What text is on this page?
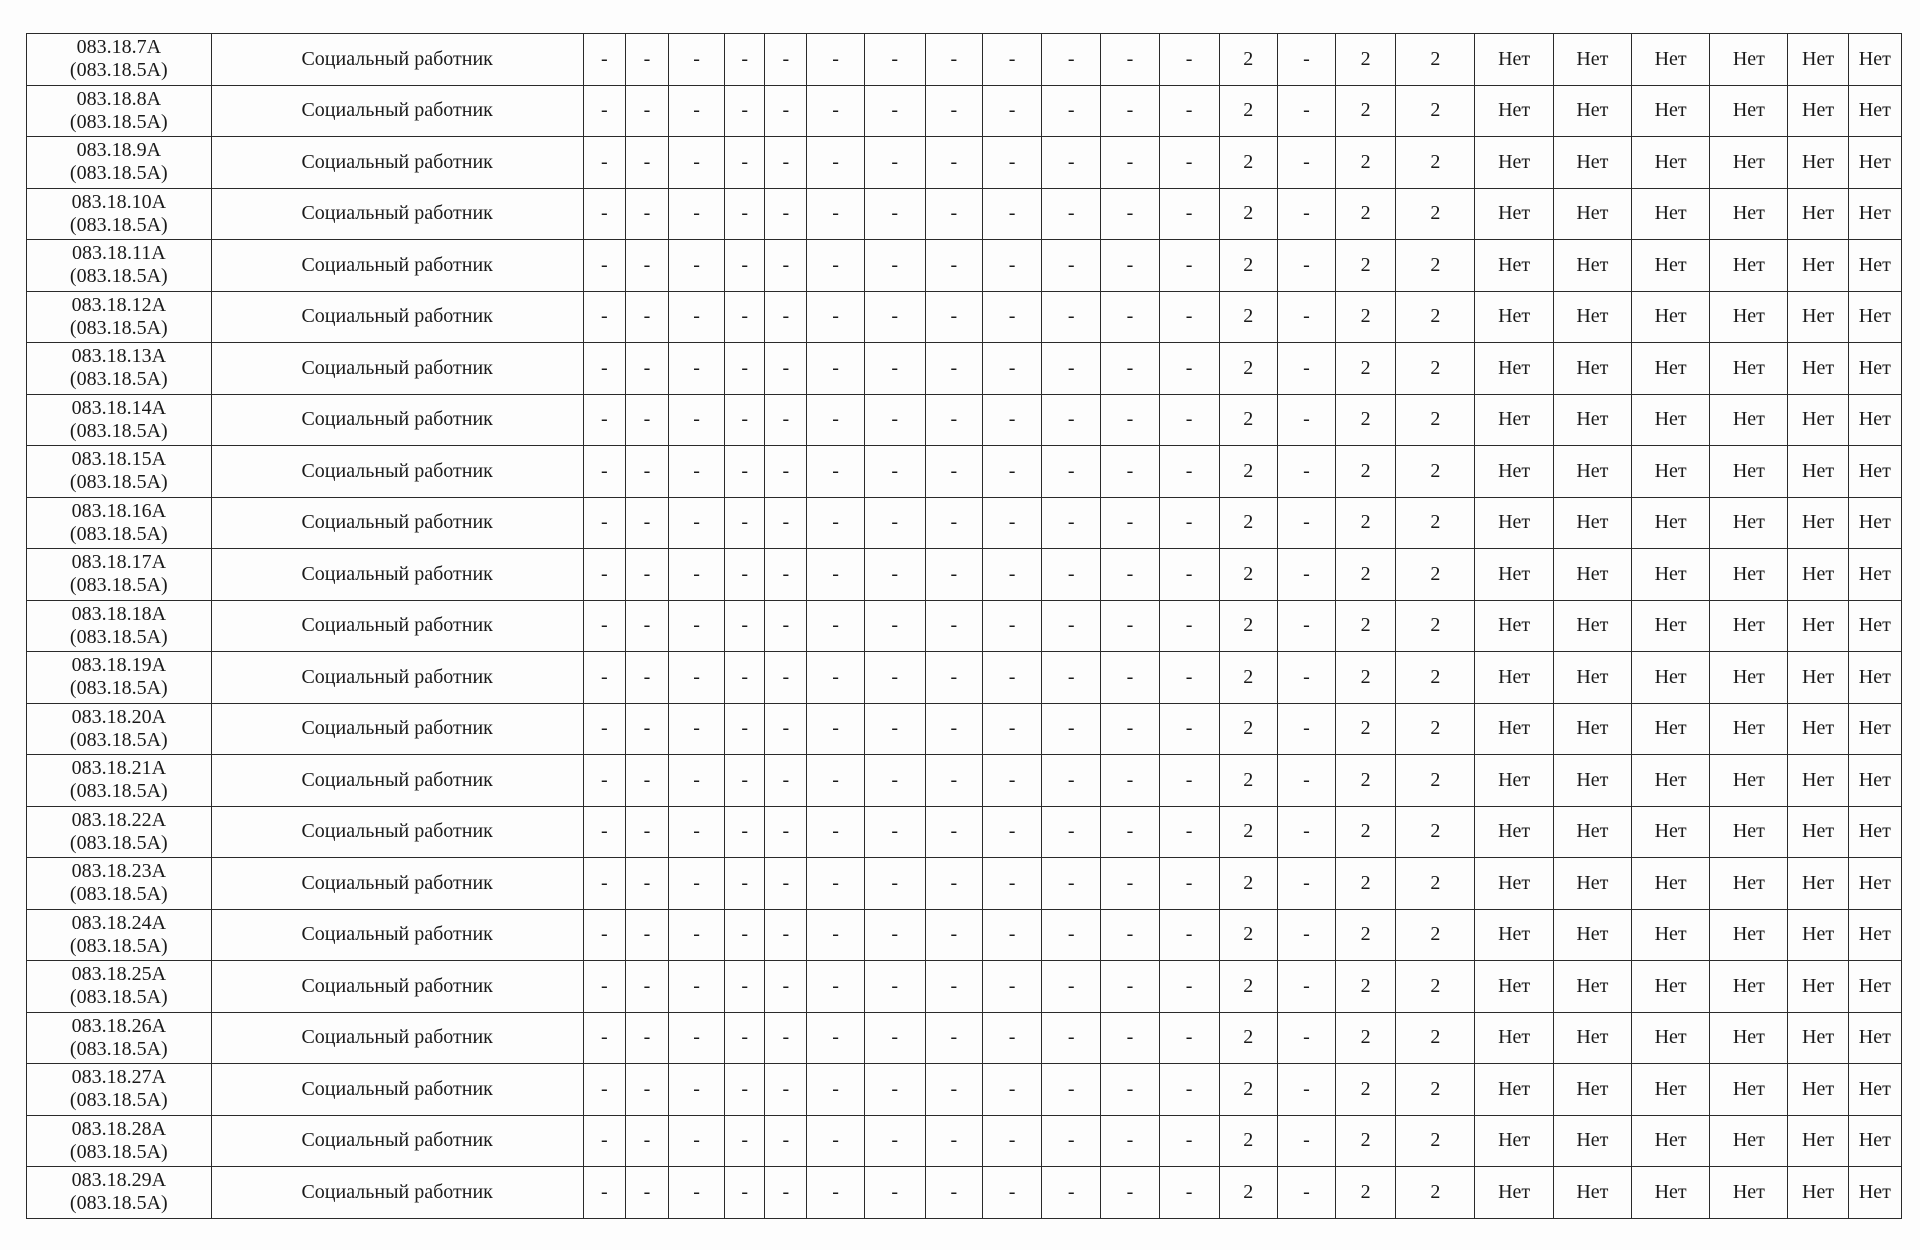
083.18.7A
(083.18.5A)	Социальный работник	-	-	-	-	-	-	-	-	-	-	-	-	2	-	2	2	Нет	Нет	Нет	Нет	Нет	Нет

083.18.8A
(083.18.5A)	Социальный работник	-	-	-	-	-	-	-	-	-	-	-	-	2	-	2	2	Нет	Нет	Нет	Нет	Нет	Нет

083.18.9A
(083.18.5A)	Социальный работник	-	-	-	-	-	-	-	-	-	-	-	-	2	-	2	2	Нет	Нет	Нет	Нет	Нет	Нет

083.18.10A
(083.18.5A)	Социальный работник	-	-	-	-	-	-	-	-	-	-	-	-	2	-	2	2	Нет	Нет	Нет	Нет	Нет	Нет

083.18.11A
(083.18.5A)	Социальный работник	-	-	-	-	-	-	-	-	-	-	-	-	2	-	2	2	Нет	Нет	Нет	Нет	Нет	Нет

083.18.12A
(083.18.5A)	Социальный работник	-	-	-	-	-	-	-	-	-	-	-	-	2	-	2	2	Нет	Нет	Нет	Нет	Нет	Нет

083.18.13A
(083.18.5A)	Социальный работник	-	-	-	-	-	-	-	-	-	-	-	-	2	-	2	2	Нет	Нет	Нет	Нет	Нет	Нет

083.18.14A
(083.18.5A)	Социальный работник	-	-	-	-	-	-	-	-	-	-	-	-	2	-	2	2	Нет	Нет	Нет	Нет	Нет	Нет

083.18.15A
(083.18.5A)	Социальный работник	-	-	-	-	-	-	-	-	-	-	-	-	2	-	2	2	Нет	Нет	Нет	Нет	Нет	Нет

083.18.16A
(083.18.5A)	Социальный работник	-	-	-	-	-	-	-	-	-	-	-	-	2	-	2	2	Нет	Нет	Нет	Нет	Нет	Нет

083.18.17A
(083.18.5A)	Социальный работник	-	-	-	-	-	-	-	-	-	-	-	-	2	-	2	2	Нет	Нет	Нет	Нет	Нет	Нет

083.18.18A
(083.18.5A)	Социальный работник	-	-	-	-	-	-	-	-	-	-	-	-	2	-	2	2	Нет	Нет	Нет	Нет	Нет	Нет

083.18.19A
(083.18.5A)	Социальный работник	-	-	-	-	-	-	-	-	-	-	-	-	2	-	2	2	Нет	Нет	Нет	Нет	Нет	Нет

083.18.20A
(083.18.5A)	Социальный работник	-	-	-	-	-	-	-	-	-	-	-	-	2	-	2	2	Нет	Нет	Нет	Нет	Нет	Нет

083.18.21A
(083.18.5A)	Социальный работник	-	-	-	-	-	-	-	-	-	-	-	-	2	-	2	2	Нет	Нет	Нет	Нет	Нет	Нет

083.18.22A
(083.18.5A)	Социальный работник	-	-	-	-	-	-	-	-	-	-	-	-	2	-	2	2	Нет	Нет	Нет	Нет	Нет	Нет

083.18.23A
(083.18.5A)	Социальный работник	-	-	-	-	-	-	-	-	-	-	-	-	2	-	2	2	Нет	Нет	Нет	Нет	Нет	Нет

083.18.24A
(083.18.5A)	Социальный работник	-	-	-	-	-	-	-	-	-	-	-	-	2	-	2	2	Нет	Нет	Нет	Нет	Нет	Нет

083.18.25A
(083.18.5A)	Социальный работник	-	-	-	-	-	-	-	-	-	-	-	-	2	-	2	2	Нет	Нет	Нет	Нет	Нет	Нет

083.18.26A
(083.18.5A)	Социальный работник	-	-	-	-	-	-	-	-	-	-	-	-	2	-	2	2	Нет	Нет	Нет	Нет	Нет	Нет

083.18.27A
(083.18.5A)	Социальный работник	-	-	-	-	-	-	-	-	-	-	-	-	2	-	2	2	Нет	Нет	Нет	Нет	Нет	Нет

083.18.28A
(083.18.5A)	Социальный работник	-	-	-	-	-	-	-	-	-	-	-	-	2	-	2	2	Нет	Нет	Нет	Нет	Нет	Нет

083.18.29A
(083.18.5A)	Социальный работник	-	-	-	-	-	-	-	-	-	-	-	-	2	-	2	2	Нет	Нет	Нет	Нет	Нет	Нет
